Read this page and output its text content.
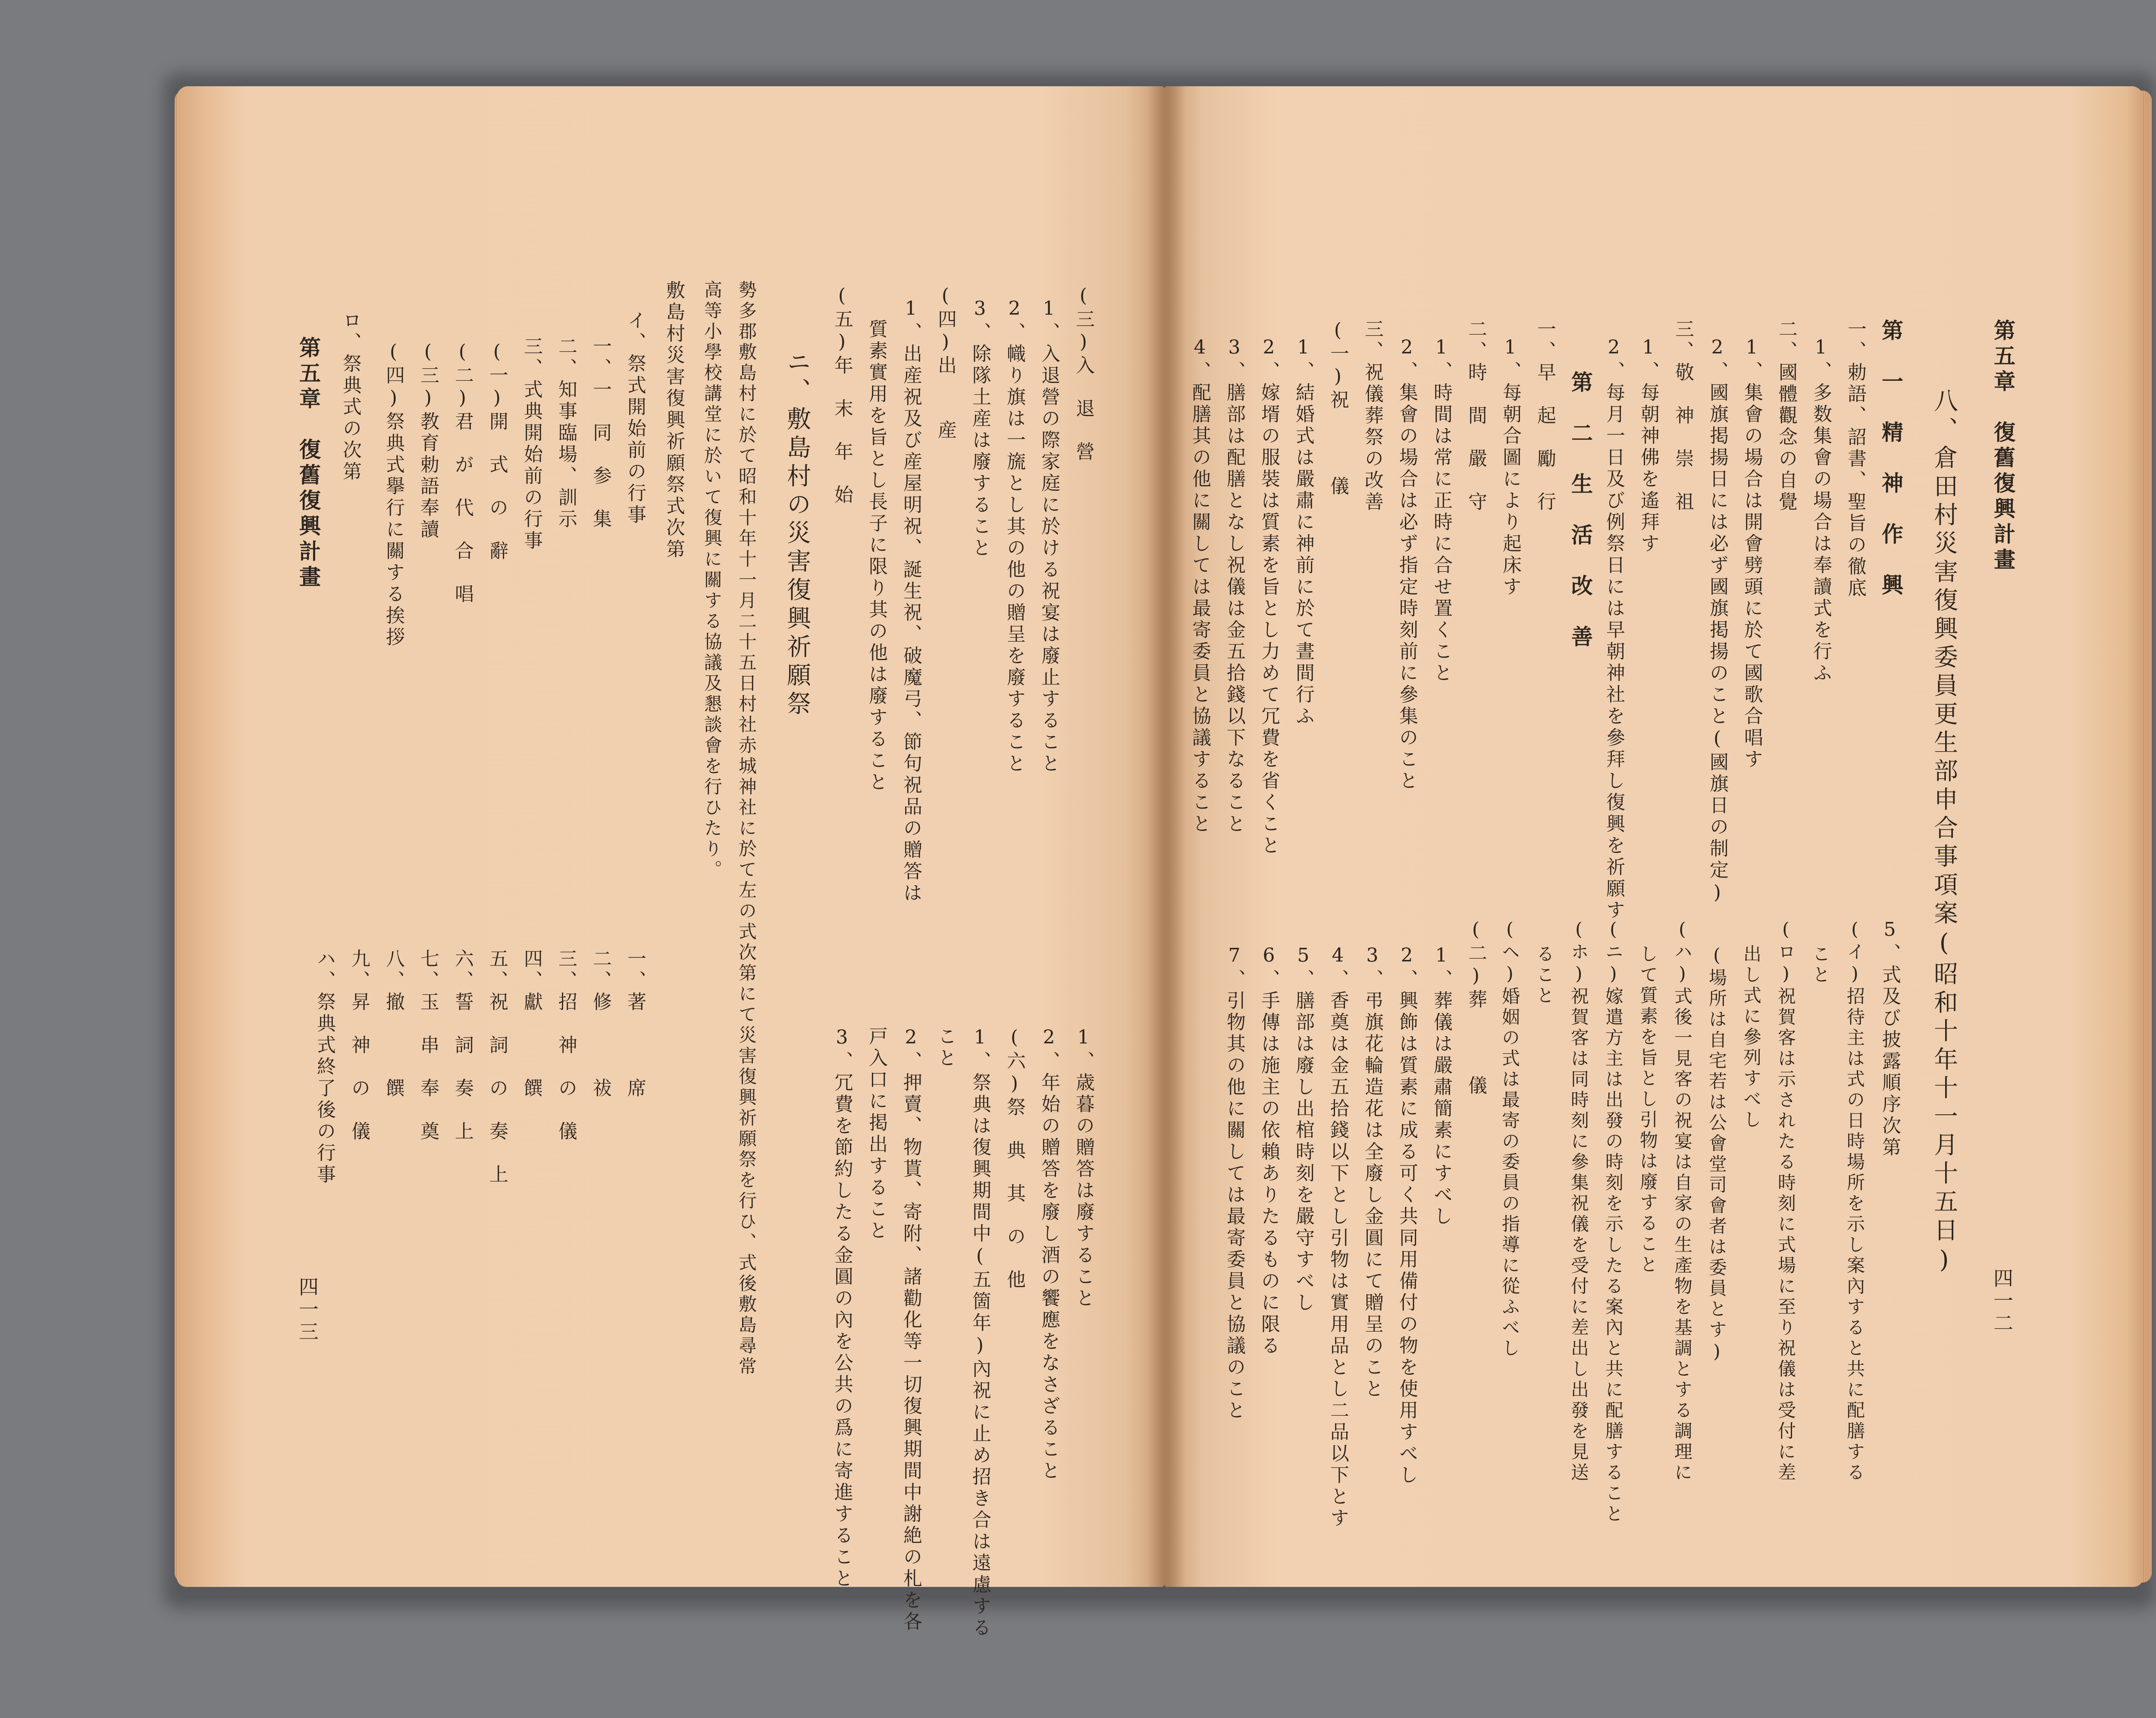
第五章　復舊復興計畫
四一三
(三)入　退　營
1、入退營の際家庭に於ける祝宴は廢止すること
2、幟り旗は一旒とし其の他の贈呈を廢すること
3、除隊土産は廢すること
(四)出　　産
1、出産祝及び産屋明祝、誕生祝、破魔弓、節句祝品の贈答は
質素實用を旨とし長子に限り其の他は廢すること
(五)年　末　年　始
ニ、敷島村の災害復興祈願祭
勢多郡敷島村に於て昭和十年十一月二十五日村社赤城神社に於て左の式次第にて災害復興祈願祭を行ひ、式後敷島尋常
高等小學校講堂に於いて復興に關する協議及懇談會を行ひたり。
敷島村災害復興祈願祭式次第
イ、祭式開始前の行事
一、一　同　参　集
二、知事臨場、訓示
三、式典開始前の行事
(一)開　式　の　辭
(二)君　が　代　合　唱
(三)教育勅語奉讀
(四)祭典式擧行に關する挨拶
ロ、祭典式の次第
1、歳暮の贈答は廢すること
2、年始の贈答を廢し酒の饗應をなさざること
(六)祭　典　其　の　他
1、祭典は復興期間中(五箇年)內祝に止め招き合は遠慮する
こと
2、押賣、物貰、寄附、諸勸化等一切復興期間中謝絶の札を各
戸入口に掲出すること
3、冗費を節約したる金圓の內を公共の爲に寄進すること
一、著　　　席
二、修　　　祓
三、招　神　の　儀
四、獻　　　饌
五、祝　詞　の　奏　上
六、誓　詞　奏　上
七、玉　串　奉　奠
八、撤　　　饌
九、昇　神　の　儀
ハ、祭典式終了後の行事
第五章　復舊復興計畫
四一二
八、倉田村災害復興委員更生部申合事項案(昭和十年十一月十五日)
第　一　精　神　作　興
一、勅語、詔書、聖旨の徹底
1、多数集會の場合は奉讀式を行ふ
二、國體觀念の自覺
1、集會の場合は開會劈頭に於て國歌合唱す
2、國旗掲揚日には必ず國旗掲揚のこと(國旗日の制定)
三、敬　神　崇　祖
1、每朝神佛を遙拜す
2、每月一日及び例祭日には早朝神社を參拜し復興を祈願す
第　二　生　活　改　善
一、早　起　勵　行
1、每朝合圖により起床す
二、時　間　嚴　守
1、時間は常に正時に合せ置くこと
2、集會の場合は必ず指定時刻前に參集のこと
三、祝儀葬祭の改善
(一)祝　　　儀
1、結婚式は嚴肅に神前に於て晝間行ふ
2、嫁壻の服裝は質素を旨とし力めて冗費を省くこと
3、膳部は配膳となし祝儀は金五拾錢以下なること
4、配膳其の他に關しては最寄委員と協議すること
5、式及び披露順序次第
(イ)招待主は式の日時場所を示し案內すると共に配膳する
こと
(ロ)祝賀客は示されたる時刻に式場に至り祝儀は受付に差
出し式に參列すべし
(場所は自宅若は公會堂司會者は委員とす)
(ハ)式後一見客の祝宴は自家の生產物を基調とする調理に
して質素を旨とし引物は廢すること
(ニ)嫁遣方主は出發の時刻を示したる案內と共に配膳すること
(ホ)祝賀客は同時刻に參集祝儀を受付に差出し出發を見送
ること
(ヘ)婚姻の式は最寄の委員の指導に從ふべし
(二)葬　　　儀
1、葬儀は嚴肅簡素にすべし
2、興飾は質素に成る可く共同用備付の物を使用すべし
3、弔旗花輪造花は全廢し金圓にて贈呈のこと
4、香奠は金五拾錢以下とし引物は實用品とし二品以下とす
5、膳部は廢し出棺時刻を嚴守すべし
6、手傳は施主の依賴ありたるものに限る
7、引物其の他に關しては最寄委員と協議のこと
